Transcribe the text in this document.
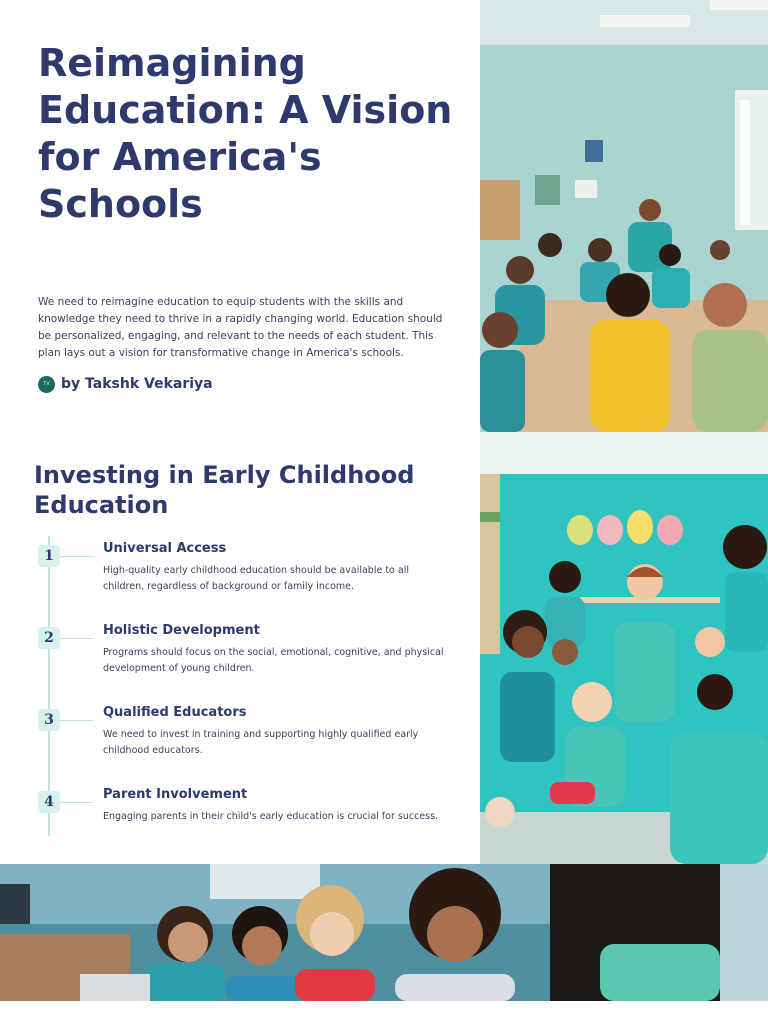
Reimagining Education: A Vision for America's Schools

We need to reimagine education to equip students with the skills and knowledge they need to thrive in a rapidly changing world. Education should be personalized, engaging, and relevant to the needs of each student. This plan lays out a vision for transformative change in America's schools.

TV by Takshk Vekariya
Investing in Early Childhood Education
1	Universal Access
High-quality early childhood education should be available to all children, regardless of background or family income.
2	Holistic Development
Programs should focus on the social, emotional, cognitive, and physical development of young children.
3	Qualified Educators
We need to invest in training and supporting highly qualified early childhood educators.
4	Parent Involvement
Engaging parents in their child's early education is crucial for success.
